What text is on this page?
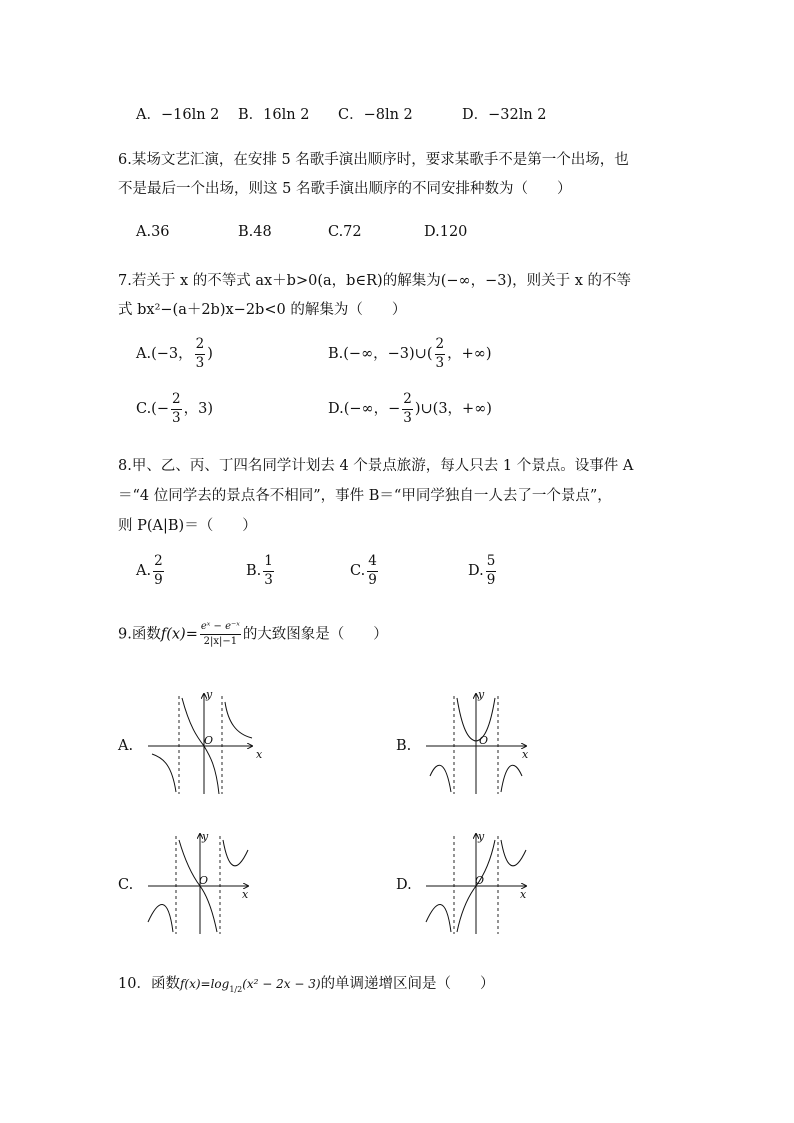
A．−16ln 2 B．16ln 2 C．−8ln 2	D．−32ln 2
6.某场文艺汇演，在安排 5 名歌手演出顺序时，要求某歌手不是第一个出场，也
不是最后一个出场，则这 5 名歌手演出顺序的不同安排种数为（　　）
A.36	B.48	C.72	D.120
7.若关于 x 的不等式 ax＋b>0(a，b∈R)的解集为(−∞，−3)，则关于 x 的不等
式 bx²−(a＋2b)x−2b<0 的解集为（　　）
A.(−3， $\frac{2}{3}$ )	B.(−∞，−3)∪( $\frac{2}{3}$ ，+∞)
$C.(- \frac{2}{3}$ ，3)	D.(−∞，− $\frac{2}{3}$ )∪(3，+∞)
8.甲、乙、丙、丁四名同学计划去 4 个景点旅游，每人只去 1 个景点。设事件 A
＝“4 位同学去的景点各不相同”，事件 B＝“甲同学独自一人去了一个景点”，
则 P(A|B)＝（　　）
A. $\frac{2}{9}$	B. $\frac{1}{3}$	C. $\frac{4}{9}$	D. $\frac{5}{9}$
9.函数$f(x)= \frac{\text{eˣ − e⁻ˣ}}{2|x|-1}$ 的大致图象是（　　）
A.	B.
C.	D.
x
y
O
x
y
O
x
y
O
x
y
O
10．函数$f(x)=\log_{1/2}(x^2 - 2x - 3)$的单调递增区间是（　　）
